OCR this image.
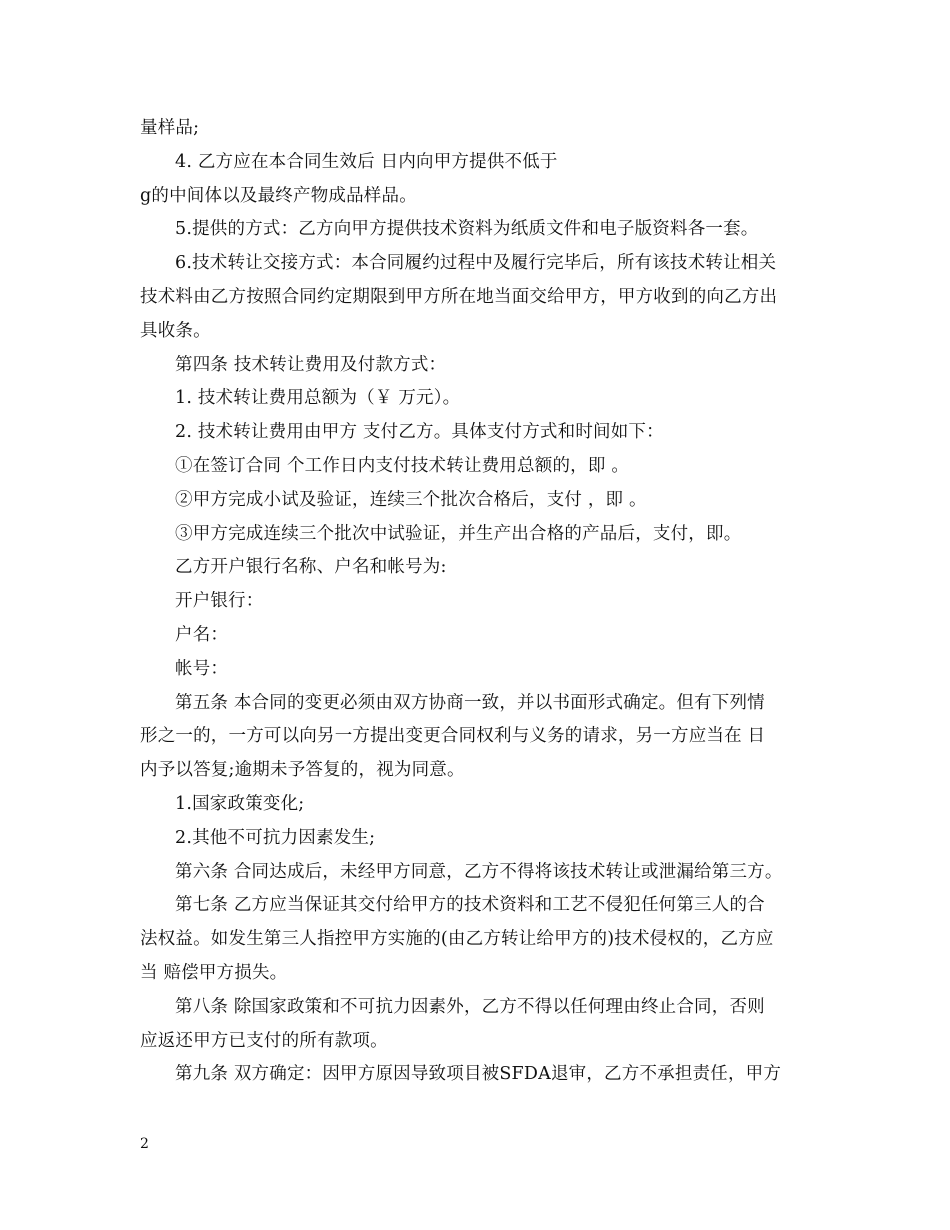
量样品;
4. 乙方应在本合同生效后 日内向甲方提供不低于
g的中间体以及最终产物成品样品。
5.提供的方式：乙方向甲方提供技术资料为纸质文件和电子版资料各一套。
6.技术转让交接方式：本合同履约过程中及履行完毕后，所有该技术转让相关
技术料由乙方按照合同约定期限到甲方所在地当面交给甲方，甲方收到的向乙方出
具收条。
第四条 技术转让费用及付款方式：
1. 技术转让费用总额为（￥ 万元）。
2. 技术转让费用由甲方 支付乙方。具体支付方式和时间如下：
①在签订合同 个工作日内支付技术转让费用总额的，即 。
②甲方完成小试及验证，连续三个批次合格后，支付 ，即 。
③甲方完成连续三个批次中试验证，并生产出合格的产品后，支付，即。
乙方开户银行名称、户名和帐号为:
开户银行：
户名：
帐号：
第五条 本合同的变更必须由双方协商一致，并以书面形式确定。但有下列情
形之一的，一方可以向另一方提出变更合同权利与义务的请求，另一方应当在 日
内予以答复;逾期未予答复的，视为同意。
1.国家政策变化;
2.其他不可抗力因素发生;
第六条 合同达成后，未经甲方同意，乙方不得将该技术转让或泄漏给第三方。
第七条 乙方应当保证其交付给甲方的技术资料和工艺不侵犯任何第三人的合
法权益。如发生第三人指控甲方实施的(由乙方转让给甲方的)技术侵权的，乙方应
当 赔偿甲方损失。
第八条 除国家政策和不可抗力因素外，乙方不得以任何理由终止合同，否则
应返还甲方已支付的所有款项。
第九条 双方确定：因甲方原因导致项目被SFDA退审，乙方不承担责任，甲方
2
